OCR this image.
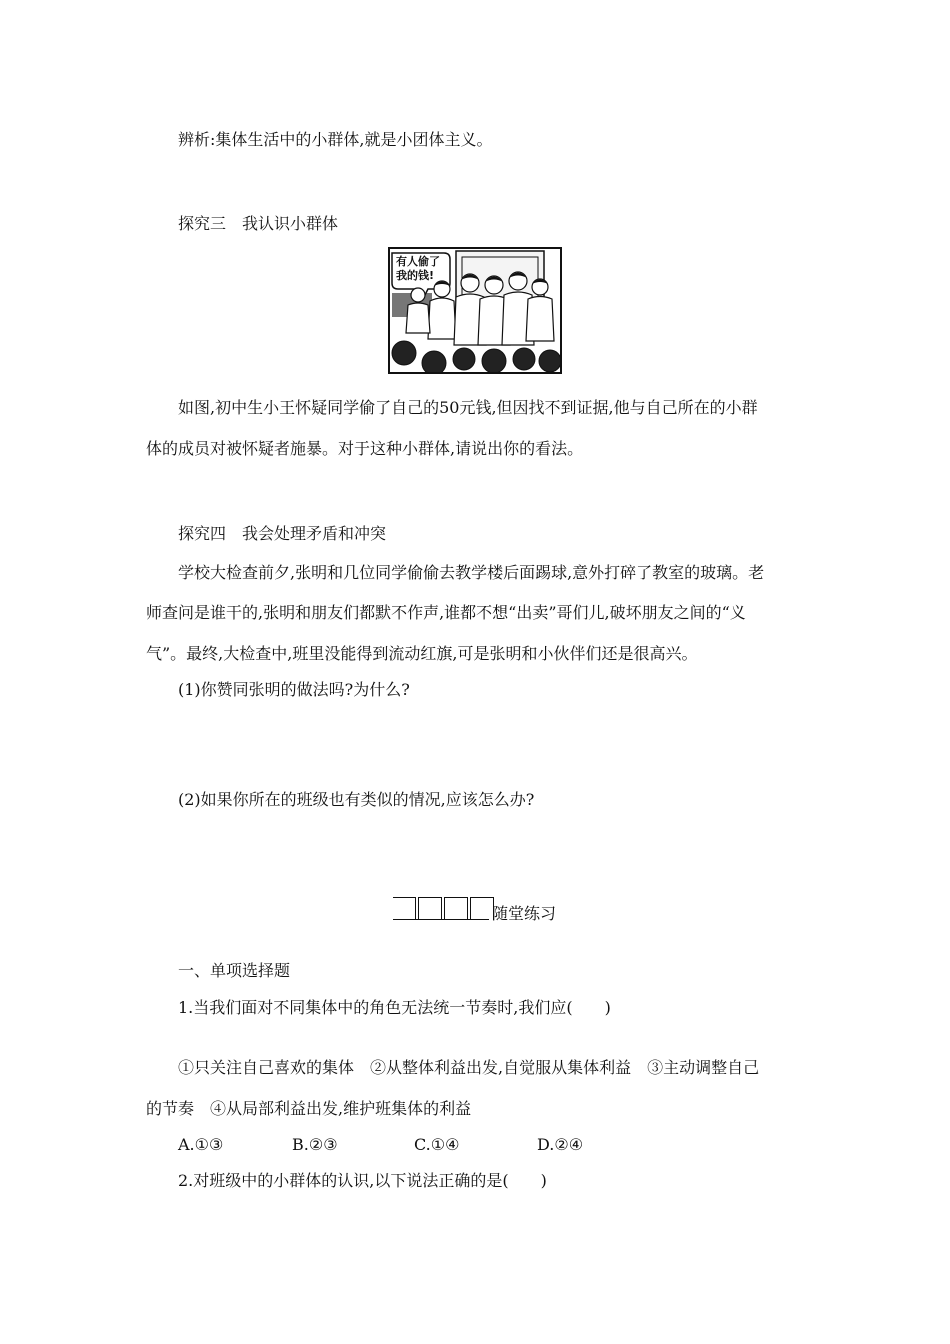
辨析:集体生活中的小群体,就是小团体主义。
探究三　我认识小群体
有人偷了我的钱!
如图,初中生小王怀疑同学偷了自己的50元钱,但因找不到证据,他与自己所在的小群
体的成员对被怀疑者施暴。对于这种小群体,请说出你的看法。
探究四　我会处理矛盾和冲突
学校大检查前夕,张明和几位同学偷偷去教学楼后面踢球,意外打碎了教室的玻璃。老
师查问是谁干的,张明和朋友们都默不作声,谁都不想“出卖”哥们儿,破坏朋友之间的“义
气”。最终,大检查中,班里没能得到流动红旗,可是张明和小伙伴们还是很高兴。
(1)你赞同张明的做法吗?为什么?
(2)如果你所在的班级也有类似的情况,应该怎么办?
随堂练习
一、单项选择题
1.当我们面对不同集体中的角色无法统一节奏时,我们应(　　)
①只关注自己喜欢的集体　②从整体利益出发,自觉服从集体利益　③主动调整自己
的节奏　④从局部利益出发,维护班集体的利益
A.①③	B.②③	C.①④	D.②④
2.对班级中的小群体的认识,以下说法正确的是(　　)
